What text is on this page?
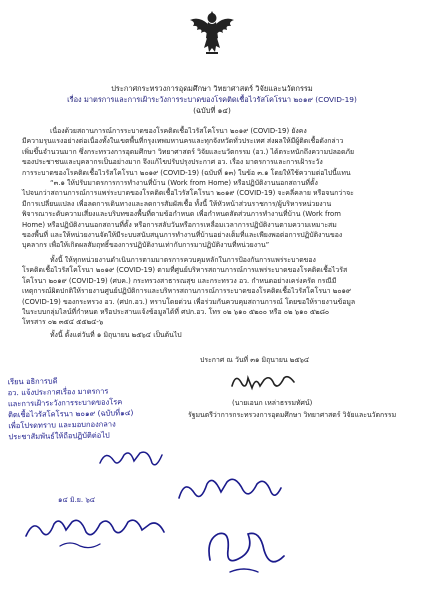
ประกาศกระทรวงการอุดมศึกษา วิทยาศาสตร์ วิจัยและนวัตกรรม
เรื่อง มาตรการและการเฝ้าระวังการระบาดของโรคติดเชื้อไวรัสโคโรนา ๒๐๑๙ (COVID-19)
(ฉบับที่ ๑๔)
เนื่องด้วยสถานการณ์การระบาดของโรคติดเชื้อไวรัสโคโรนา ๒๐๑๙ (COVID-19) ยังคง
มีความรุนแรงอย่างต่อเนื่องทั้งในเขตพื้นที่กรุงเทพมหานครและทุกจังหวัดทั่วประเทศ ส่งผลให้มีผู้ติดเชื้อดังกล่าว
เพิ่มขึ้นจำนวนมาก ซึ่งกระทรวงการอุดมศึกษา วิทยาศาสตร์ วิจัยและนวัตกรรม (อว.) ได้ตระหนักถึงความปลอดภัย
ของประชาชนและบุคลากรเป็นอย่างมาก จึงแก้ไขปรับปรุงประกาศ อว. เรื่อง มาตรการและการเฝ้าระวัง
การระบาดของโรคติดเชื้อไวรัสโคโรนา ๒๐๑๙ (COVID-19) (ฉบับที่ ๑๓) ในข้อ ๓.๑ โดยให้ใช้ความต่อไปนี้แทน
“๓.๑ ให้ปรับมาตรการการทำงานที่บ้าน (Work from Home) หรือปฏิบัติงานนอกสถานที่ตั้ง
ไปจนกว่าสถานการณ์การแพร่ระบาดของโรคติดเชื้อไวรัสโคโรนา ๒๐๑๙ (COVID-19) จะคลี่คลาย หรือจนกว่าจะ
มีการเปลี่ยนแปลง เพื่อลดการเดินทางและลดการสัมผัสเชื้อ ทั้งนี้ ให้หัวหน้าส่วนราชการ/ผู้บริหารหน่วยงาน
พิจารณาระดับความเสี่ยงและบริบทของพื้นที่ตามข้อกำหนด เพื่อกำหนดสัดส่วนการทำงานที่บ้าน (Work from
Home) หรือปฏิบัติงานนอกสถานที่ตั้ง หรือการสลับวันหรือการเหลื่อมเวลาการปฏิบัติงานตามความเหมาะสม
ของพื้นที่ และให้หน่วยงานจัดให้มีระบบสนับสนุนการทำงานที่บ้านอย่างเต็มที่และเพียงพอต่อการปฏิบัติงานของ
บุคลากร เพื่อให้เกิดผลสัมฤทธิ์ของการปฏิบัติงานเท่ากับการมาปฏิบัติงานที่หน่วยงาน”
ทั้งนี้ ให้ทุกหน่วยงานดำเนินการตามมาตรการควบคุมหลักในการป้องกันการแพร่ระบาดของ
โรคติดเชื้อไวรัสโคโรนา ๒๐๑๙ (COVID-19) ตามที่ศูนย์บริหารสถานการณ์การแพร่ระบาดของโรคติดเชื้อไวรัส
โคโรนา ๒๐๑๙ (COVID-19) (ศบค.) กระทรวงสาธารณสุข และกระทรวง อว. กำหนดอย่างเคร่งครัด กรณีมี
เหตุการณ์ผิดปกติให้รายงานศูนย์ปฏิบัติการและบริหารสถานการณ์การระบาดของโรคติดเชื้อไวรัสโคโรนา ๒๐๑๙
(COVID-19) ของกระทรวง อว. (ศปก.อว.) ทราบโดยด่วน เพื่อร่วมกันควบคุมสถานการณ์ โดยขอให้รายงานข้อมูล
ในระบบกลุ่มไลน์ที่กำหนด หรือประสานแจ้งข้อมูลได้ที่ ศปก.อว. โทร ๐๒ ๖๑๐ ๕๒๐๐ หรือ ๐๒ ๖๑๐ ๕๒๘๐
โทรสาร ๐๒ ๓๕๔ ๕๕๒๔-๖
ทั้งนี้ ตั้งแต่วันที่ ๑ มิถุนายน ๒๕๖๔ เป็นต้นไป
ประกาศ ณ วันที่ ๓๑ มิถุนายน ๒๕๖๔
(นายเอนก เหล่าธรรมทัศน์)
รัฐมนตรีว่าการกระทรวงการอุดมศึกษา วิทยาศาสตร์ วิจัยและนวัตกรรม
เรียน อธิการบดี
อว. แจ้งประกาศเรื่อง มาตรการ
และการเฝ้าระวังการระบาดของโรค
ติดเชื้อไวรัสโคโรนา ๒๐๑๙ (ฉบับที่๑๔)
เพื่อโปรดทราบ และมอบกองกลาง
ประชาสัมพันธ์ให้ถือปฏิบัติต่อไป
๑๔ มิ.ย. ๖๔
